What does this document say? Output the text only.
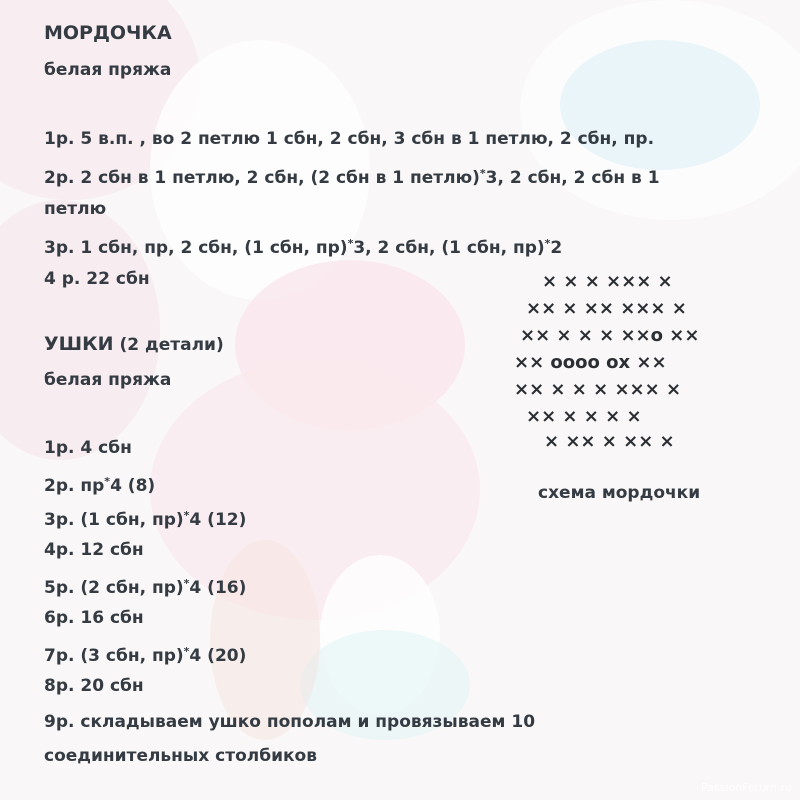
МОРДОЧКА
белая пряжа
1р. 5 в.п. , во 2 петлю 1 сбн, 2 сбн, 3 сбн в 1 петлю, 2 сбн, пр.
2р. 2 сбн в 1 петлю, 2 сбн, (2 сбн в 1 петлю)*3, 2 сбн, 2 сбн в 1
петлю
3р. 1 сбн, пр, 2 сбн, (1 сбн, пр)*3, 2 сбн, (1 сбн, пр)*2
4 р. 22 сбн
УШКИ (2 детали)
белая пряжа
1р. 4 сбн
2р. пр*4 (8)
3р. (1 сбн, пр)*4 (12)
4р. 12 сбн
5р. (2 сбн, пр)*4 (16)
6р. 16 сбн
7р. (3 сбн, пр)*4 (20)
8р. 20 сбн
9р. складываем ушко пополам и провязываем 10
соединительных столбиков
× × × ××× ×
×× × ×× ××× ×
×× × × × ××о ××
×× оооо ох ××
×× × × × ××× ×
×× × × × ×
× ×× × ×× ×
схема мордочки
PassionForum.ru
